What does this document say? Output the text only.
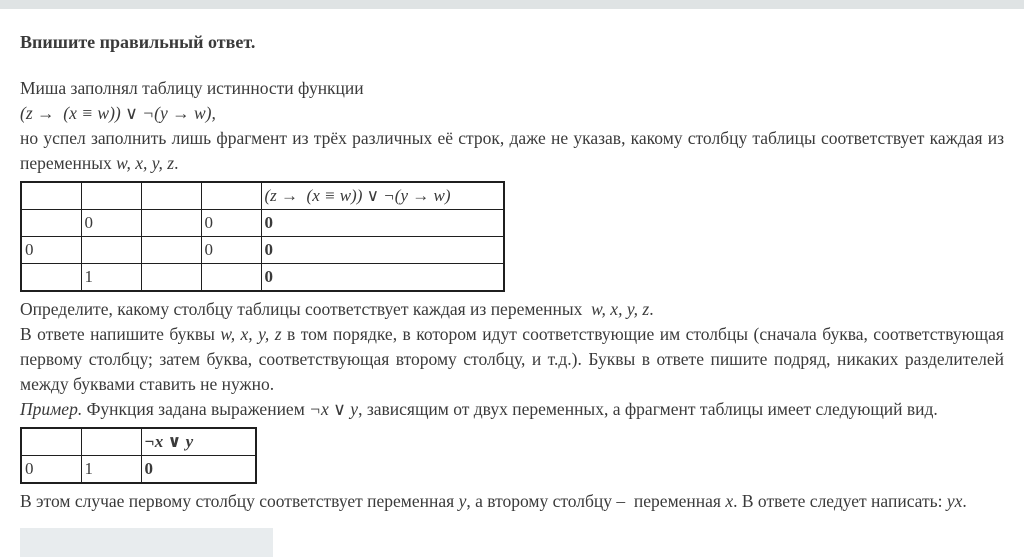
Впишите правильный ответ.
Миша заполнял таблицу истинности функции
(z →  (x ≡ w)) ∨ ¬(y → w),
но успел заполнить лишь фрагмент из трёх различных её строк, даже не указав, какому столбцу таблицы соответствует каждая из переменных w, x, y, z.
				(z →  (x ≡ w)) ∨ ¬(y → w)
	0		0	0
0			0	0
	1			0
Определите, какому столбцу таблицы соответствует каждая из переменных  w, x, y, z.
В ответе напишите буквы w, x, y, z в том порядке, в котором идут соответствующие им столбцы (сначала буква, соответствующая первому столбцу; затем буква, соответствующая второму столбцу, и т.д.). Буквы в ответе пишите подряд, никаких разделителей между буквами ставить не нужно.
Пример. Функция задана выражением ¬x ∨ y, зависящим от двух переменных, а фрагмент таблицы имеет следующий вид.
		¬x ∨ y
0	1	0
В этом случае первому столбцу соответствует переменная y, а второму столбцу –  переменная x. В ответе следует написать: yx.
